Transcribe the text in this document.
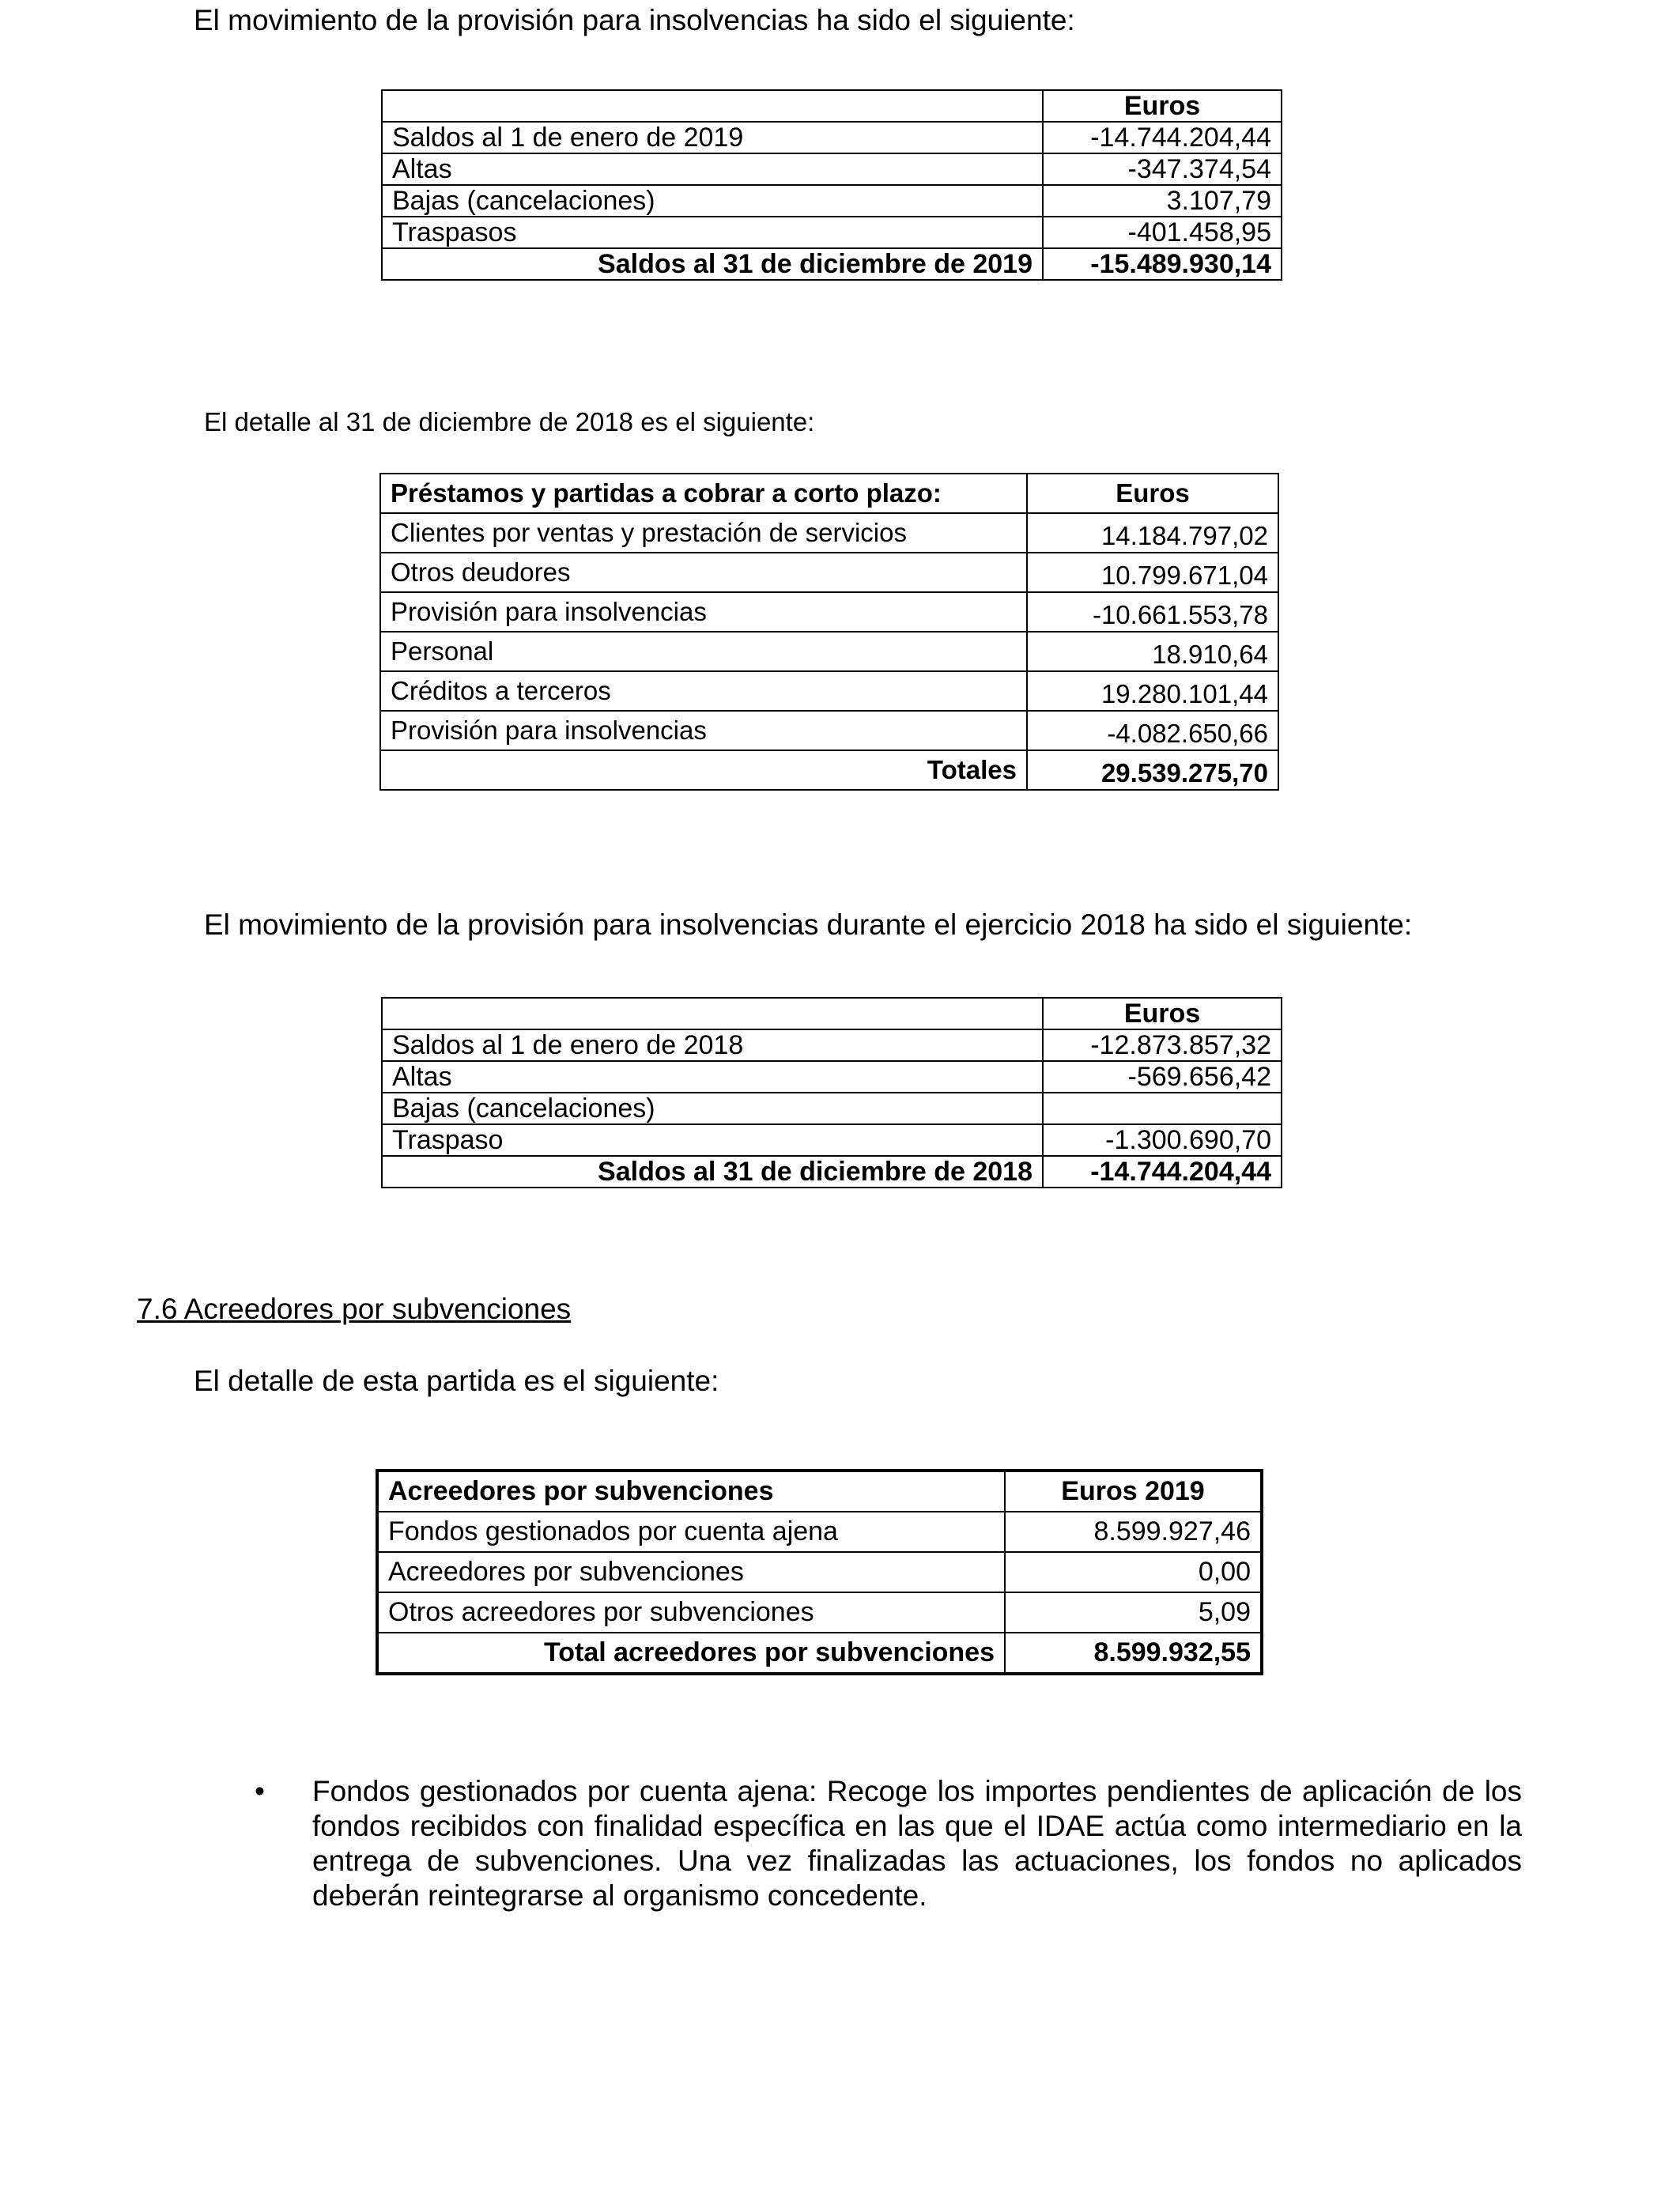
El movimiento de la provisión para insolvencias ha sido el siguiente:

	Euros
Saldos al 1 de enero de 2019	-14.744.204,44
Altas	-347.374,54
Bajas (cancelaciones)	3.107,79
Traspasos	-401.458,95
Saldos al 31 de diciembre de 2019	-15.489.930,14

El detalle al 31 de diciembre de 2018 es el siguiente:

Préstamos y partidas a cobrar a corto plazo:	Euros
Clientes por ventas y prestación de servicios	14.184.797,02
Otros deudores	10.799.671,04
Provisión para insolvencias	-10.661.553,78
Personal	18.910,64
Créditos a terceros	19.280.101,44
Provisión para insolvencias	-4.082.650,66
Totales	29.539.275,70

El movimiento de la provisión para insolvencias durante el ejercicio 2018 ha sido el siguiente:

	Euros
Saldos al 1 de enero de 2018	-12.873.857,32
Altas	-569.656,42
Bajas (cancelaciones)	
Traspaso	-1.300.690,70
Saldos al 31 de diciembre de 2018	-14.744.204,44

7.6 Acreedores por subvenciones

El detalle de esta partida es el siguiente:

Acreedores por subvenciones	Euros 2019
Fondos gestionados por cuenta ajena	8.599.927,46
Acreedores por subvenciones	0,00
Otros acreedores por subvenciones	5,09
Total acreedores por subvenciones	8.599.932,55
• Fondos gestionados por cuenta ajena: Recoge los importes pendientes de aplicación de los fondos recibidos con finalidad específica en las que el IDAE actúa como intermediario en la entrega de subvenciones. Una vez finalizadas las actuaciones, los fondos no aplicados deberán reintegrarse al organismo concedente.
